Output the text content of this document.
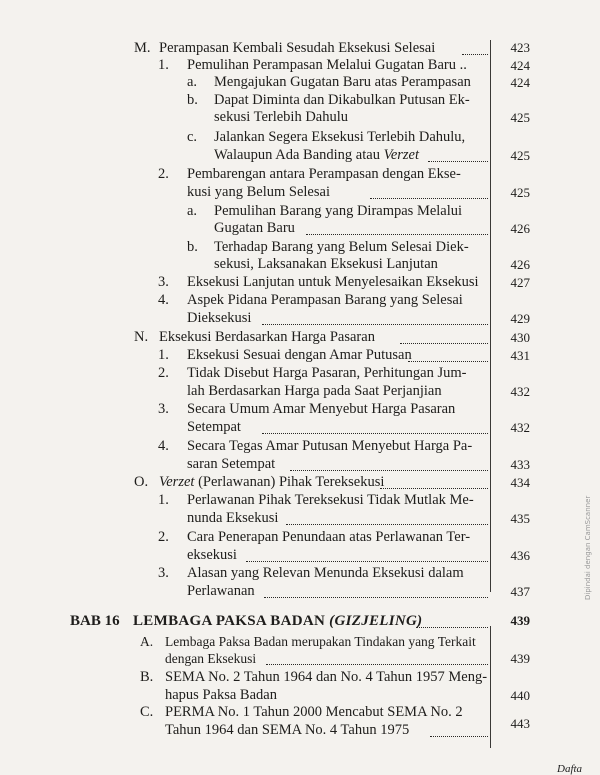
M. Perampasan Kembali Sesudah Eksekusi Selesai	423
1. Pemulihan Perampasan Melalui Gugatan Baru ..	424
a. Mengajukan Gugatan Baru atas Perampasan	424
b. Dapat Diminta dan Dikabulkan Putusan Ek-
sekusi Terlebih Dahulu	425
c. Jalankan Segera Eksekusi Terlebih Dahulu,
Walaupun Ada Banding atau Verzet	425
2. Pembarengan antara Perampasan dengan Ekse-
kusi yang Belum Selesai	425
a. Pemulihan Barang yang Dirampas Melalui
Gugatan Baru	426
b. Terhadap Barang yang Belum Selesai Diek-
sekusi, Laksanakan Eksekusi Lanjutan	426
3. Eksekusi Lanjutan untuk Menyelesaikan Eksekusi	427
4. Aspek Pidana Perampasan Barang yang Selesai
Dieksekusi	429
N. Eksekusi Berdasarkan Harga Pasaran	430
1. Eksekusi Sesuai dengan Amar Putusan	431
2. Tidak Disebut Harga Pasaran, Perhitungan Jum-
lah Berdasarkan Harga pada Saat Perjanjian	432
3. Secara Umum Amar Menyebut Harga Pasaran
Setempat	432
4. Secara Tegas Amar Putusan Menyebut Harga Pa-
saran Setempat	433
O. Verzet (Perlawanan) Pihak Tereksekusi	434
1. Perlawanan Pihak Tereksekusi Tidak Mutlak Me-
nunda Eksekusi	435
2. Cara Penerapan Penundaan atas Perlawanan Ter-
eksekusi	436
3. Alasan yang Relevan Menunda Eksekusi dalam
Perlawanan	437
BAB 16 LEMBAGA PAKSA BADAN (GIZJELING)	439
A. Lembaga Paksa Badan merupakan Tindakan yang Terkait
dengan Eksekusi	439
B. SEMA No. 2 Tahun 1964 dan No. 4 Tahun 1957 Meng-
hapus Paksa Badan	440
C. PERMA No. 1 Tahun 2000 Mencabut SEMA No. 2
Tahun 1964 dan SEMA No. 4 Tahun 1975	443
Dipindai dengan CamScanner
Dafta
